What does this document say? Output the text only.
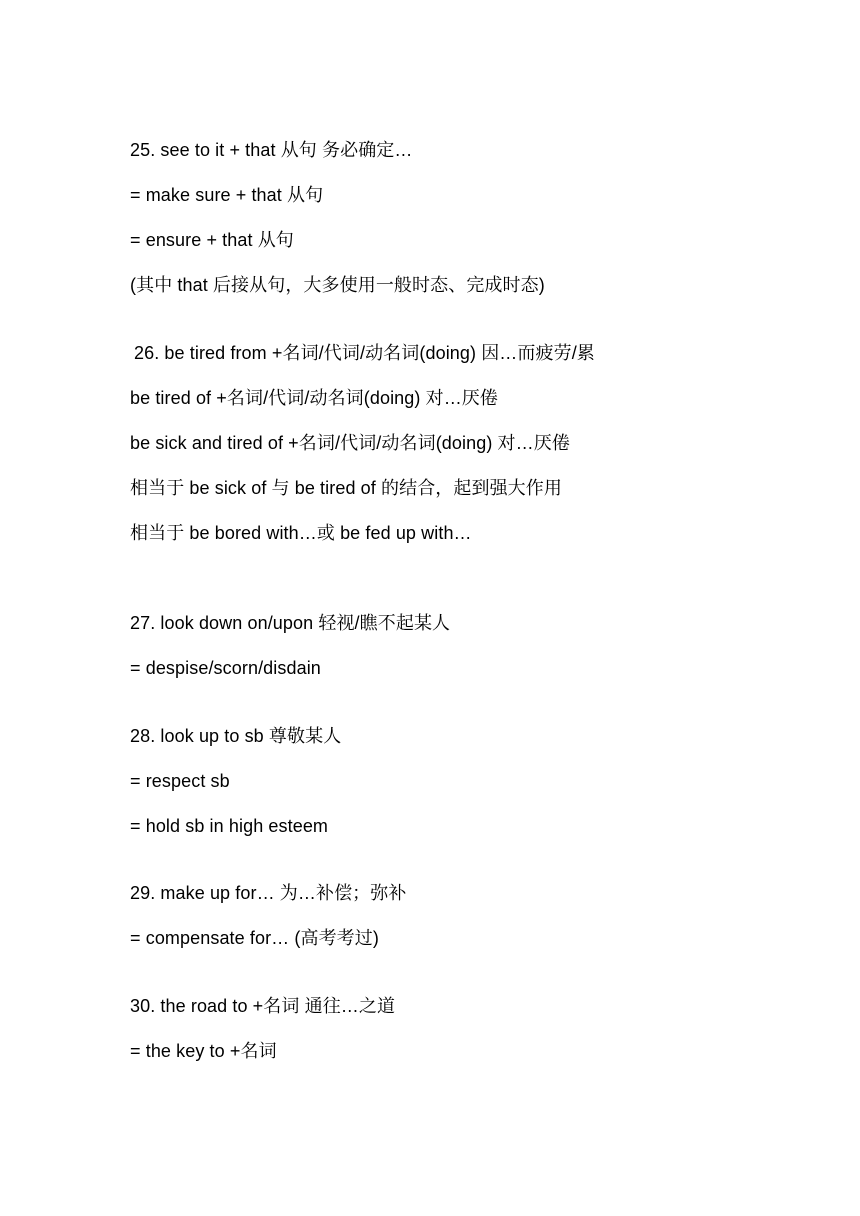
25. see to it + that 从句 务必确定…
= make sure + that 从句
= ensure + that 从句
(其中 that 后接从句，大多使用一般时态、完成时态)
26. be tired from +名词/代词/动名词(doing) 因…而疲劳/累
be tired of +名词/代词/动名词(doing) 对…厌倦
be sick and tired of +名词/代词/动名词(doing) 对…厌倦
相当于 be sick of 与 be tired of 的结合，起到强大作用
相当于 be bored with…或 be fed up with…
27. look down on/upon 轻视/瞧不起某人
= despise/scorn/disdain
28. look up to sb 尊敬某人
= respect sb
= hold sb in high esteem
29. make up for… 为…补偿；弥补
= compensate for… (高考考过)
30. the road to +名词 通往…之道
= the key to +名词
